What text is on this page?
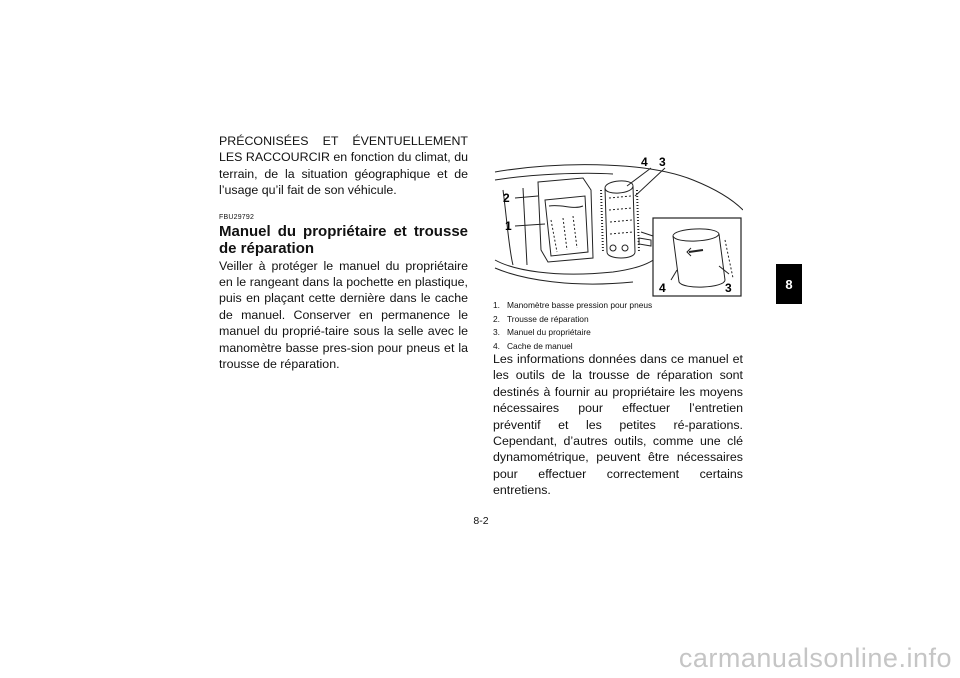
PRÉCONISÉES ET ÉVENTUELLEMENT LES RACCOURCIR en fonction du climat, du terrain, de la situation géographique et de l’usage qu’il fait de son véhicule.

FBU29792
Manuel du propriétaire et trousse de réparation

Veiller à protéger le manuel du propriétaire en le rangeant dans la pochette en plastique, puis en plaçant cette dernière dans le cache de manuel. Conserver en permanence le manuel du proprié-taire sous la selle avec le manomètre basse pres-sion pour pneus et la trousse de réparation.

4 3
2
1
4	3
1. Manomètre basse pression pour pneus
2. Trousse de réparation
3. Manuel du propriétaire
4. Cache de manuel

Les informations données dans ce manuel et les outils de la trousse de réparation sont destinés à fournir au propriétaire les moyens nécessaires pour effectuer l’entretien préventif et les petites ré-parations. Cependant, d’autres outils, comme une clé dynamométrique, peuvent être nécessaires pour effectuer correctement certains entretiens.

8
8-2
carmanualsonline.info
